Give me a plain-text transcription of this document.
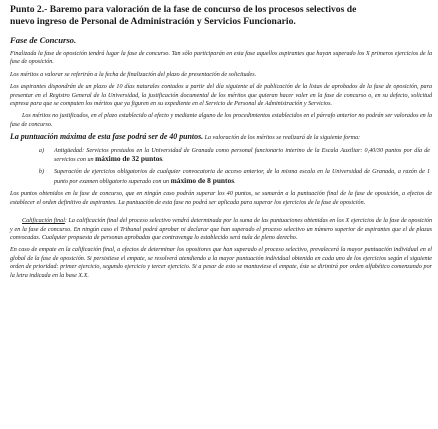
Punto 2.- Baremo para valoración de la fase de concurso de los procesos selectivos de
nuevo ingreso de Personal de Administración y Servicios Funcionario.
Fase de Concurso.

Finalizada la fase de oposición tendrá lugar la fase de concurso. Tan sólo participarán en esta fase aquellos aspirantes que hayan superado los X primeros ejercicios de la fase de oposición.

Los méritos a valorar se referirán a la fecha de finalización del plazo de presentación de solicitudes.

Los aspirantes dispondrán de un plazo de 10 días naturales contados a partir del día siguiente al de publicación de la listas de aprobados de la fase de oposición, para presentar en el Registro General de la Universidad, la justificación documental de los méritos que quieran hacer valer en la fase de concurso o, en su defecto, solicitud expresa para que se computen los méritos que ya figuren en su expediente en el Servicio de Personal de Administración y Servicios.

Los méritos no justificados, en el plazo establecido al efecto y mediante alguno de los procedimientos establecidos en el párrafo anterior no podrán ser valorados en la fase de concurso.

La puntuación máxima de esta fase podrá ser de 40 puntos. La valoración de los méritos se realizará de la siguiente forma:

a)	Antigüedad: Servicios prestados en la Universidad de Granada como personal funcionario interino de la Escala Auxiliar: 0,40/30 puntos por día de servicios con un máximo de 32 puntos.
b)	Superación de ejercicios obligatorios de cualquier convocatoria de acceso anterior, de la misma escala en la Universidad de Granada, a razón de 1 punto por examen obligatorio superado con un máximo de 8 puntos.

Los puntos obtenidos en la fase de concurso, que en ningún caso podrán superar los 40 puntos, se sumarán a la puntuación final de la fase de oposición, a efectos de establecer el orden definitivo de aspirantes. La puntuación de esta fase no podrá ser aplicada para superar los ejercicios de la fase de oposición.

Calificación final: La calificación final del proceso selectivo vendrá determinada por la suma de las puntuaciones obtenidas en los X ejercicios de la fase de oposición y en la fase de concurso. En ningún caso el Tribunal podrá aprobar ni declarar que han superado el proceso selectivo un número superior de aspirantes que el de plazas convocadas. Cualquier propuesta de personas aprobadas que contravenga lo establecido será nula de pleno derecho.

En caso de empate en la calificación final, a efectos de determinar los opositores que han superado el proceso selectivo, prevalecerá la mayor puntuación individual en el global de la fase de oposición. Si persistiese el empate, se resolverá atendiendo a la mayor puntuación individual obtenida en cada uno de los ejercicios según el siguiente orden de prioridad: primer ejercicio, segundo ejercicio y tercer ejercicio. Si a pesar de esto se mantuviese el empate, éste se dirimirá por orden alfabético comenzando por la letra indicada en la base X.X.
